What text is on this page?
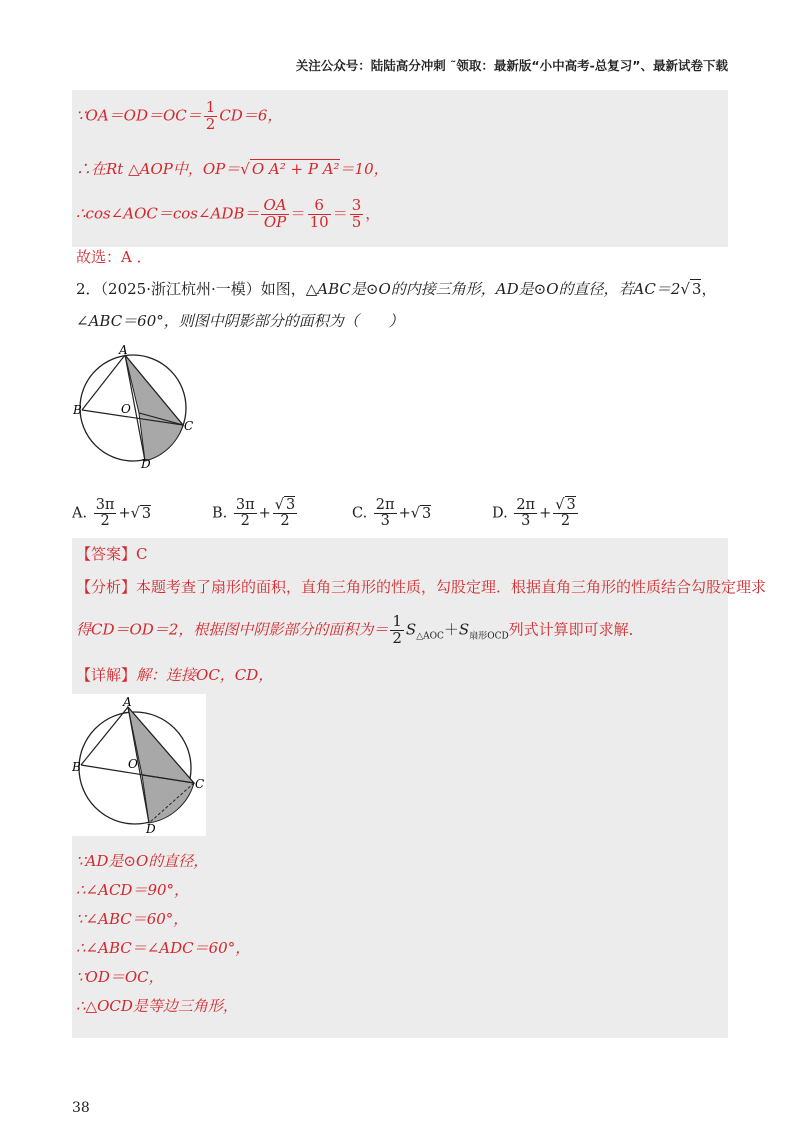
关注公众号：陆陆高分冲刺 ˜领取：最新版“小中高考-总复习”、最新试卷下载
∵OA＝OD＝OC＝ $\frac{1}{2} CD=6$，
∴在Rt △AOP中，OP＝√ O A² + P A²＝10，
∴cos∠AOC＝cos∠ADB＝ $\frac{OA}{OP} = \frac{6}{10} = \frac{3}{5}$ ，
故选：A ．
2．（2025·浙江杭州·一模）如图，△ABC是⊙O的内接三角形，AD是⊙O的直径，若AC＝2√ 3，
∠ABC＝60°，则图中阴影部分的面积为（　　）
A
B	O
C
D
A. $\frac{3\pi}{2}$ +√ 3	B. $\frac{3\pi}{2} + \frac{√ 3}{2}$	C. $\frac{2\pi}{3}$ +√ 3	D. $\frac{2\pi}{3} + \frac{√ 3}{2}$
【答案】C
【分析】本题考查了扇形的面积，直角三角形的性质，勾股定理．根据直角三角形的性质结合勾股定理求
得CD＝OD＝2，根据图中阴影部分的面积为＝ $\frac{1}{2} S_{\triangle AOC}+S_{扇形OCD}$列式计算即可求解．
【详解】解：连接OC，CD，
A
B	O
C
D
∵AD是⊙O的直径，
∴∠ACD＝90°，
∵∠ABC＝60°，
∴∠ABC＝∠ADC＝60°，
∵OD＝OC，
∴△OCD是等边三角形，
38
